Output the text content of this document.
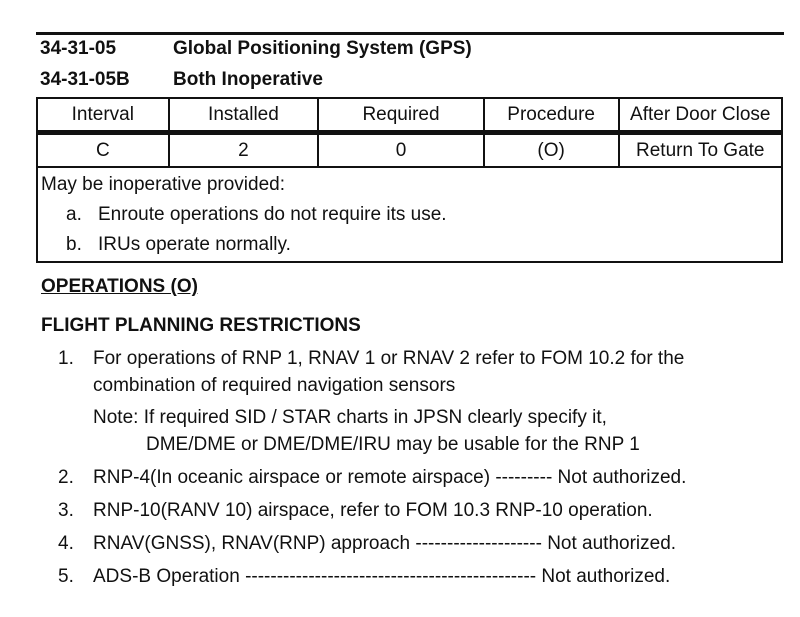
34-31-05	Global Positioning System (GPS)
34-31-05B Both Inoperative
Interval	Installed	Required	Procedure	After Door Close
C	2	0	(O)	Return To Gate
May be inoperative provided:
a. Enroute operations do not require its use.
b. IRUs operate normally.
OPERATIONS (O)
FLIGHT PLANNING RESTRICTIONS
1. For operations of RNP 1, RNAV 1 or RNAV 2 refer to FOM 10.2 for the
combination of required navigation sensors
Note: If required SID / STAR charts in JPSN clearly specify it,
DME/DME or DME/DME/IRU may be usable for the RNP 1
2. RNP-4(In oceanic airspace or remote airspace) --------- Not authorized.
3. RNP-10(RANV 10) airspace, refer to FOM 10.3 RNP-10 operation.
4. RNAV(GNSS), RNAV(RNP) approach -------------------- Not authorized.
5. ADS-B Operation ---------------------------------------------- Not authorized.
